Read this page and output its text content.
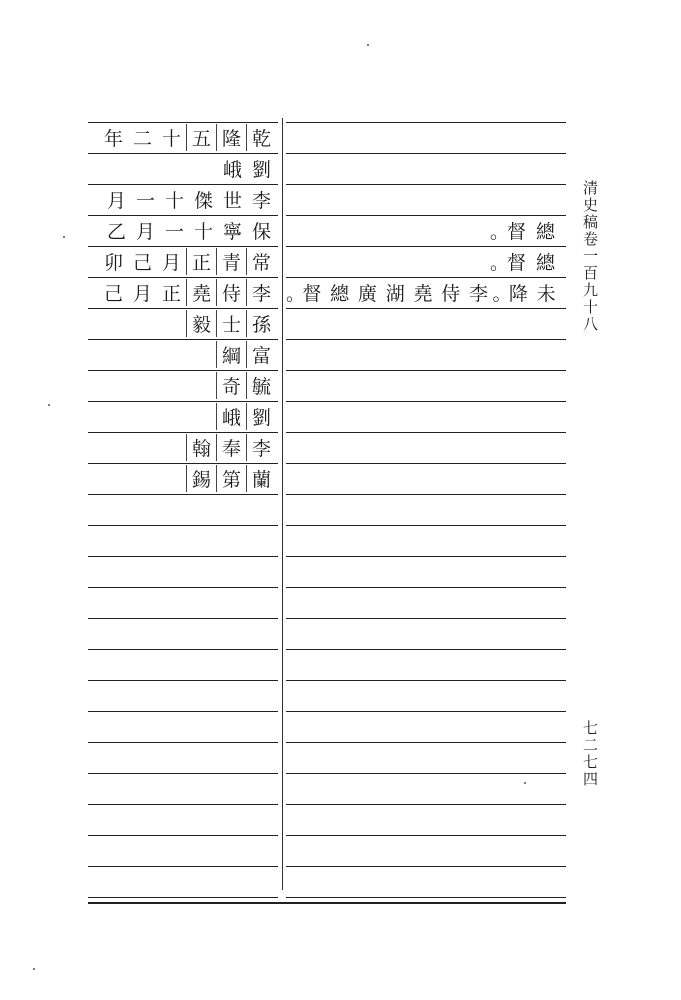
年 二 十 五 隆 乾
峨 劉
月 一 十 傑 世 李
乙 月 一 十 寧 保	。
督 總
卯 己 月 正 青 常	。
督 總
己 月 正 堯 侍 李 。
督 總 廣 湖 堯 侍 李 。
降 未
毅 士 孫
綱 富
奇 毓
峨 劉
翰 奉 李
錫 第 蘭
清史稿卷一百九十八
七二七四
